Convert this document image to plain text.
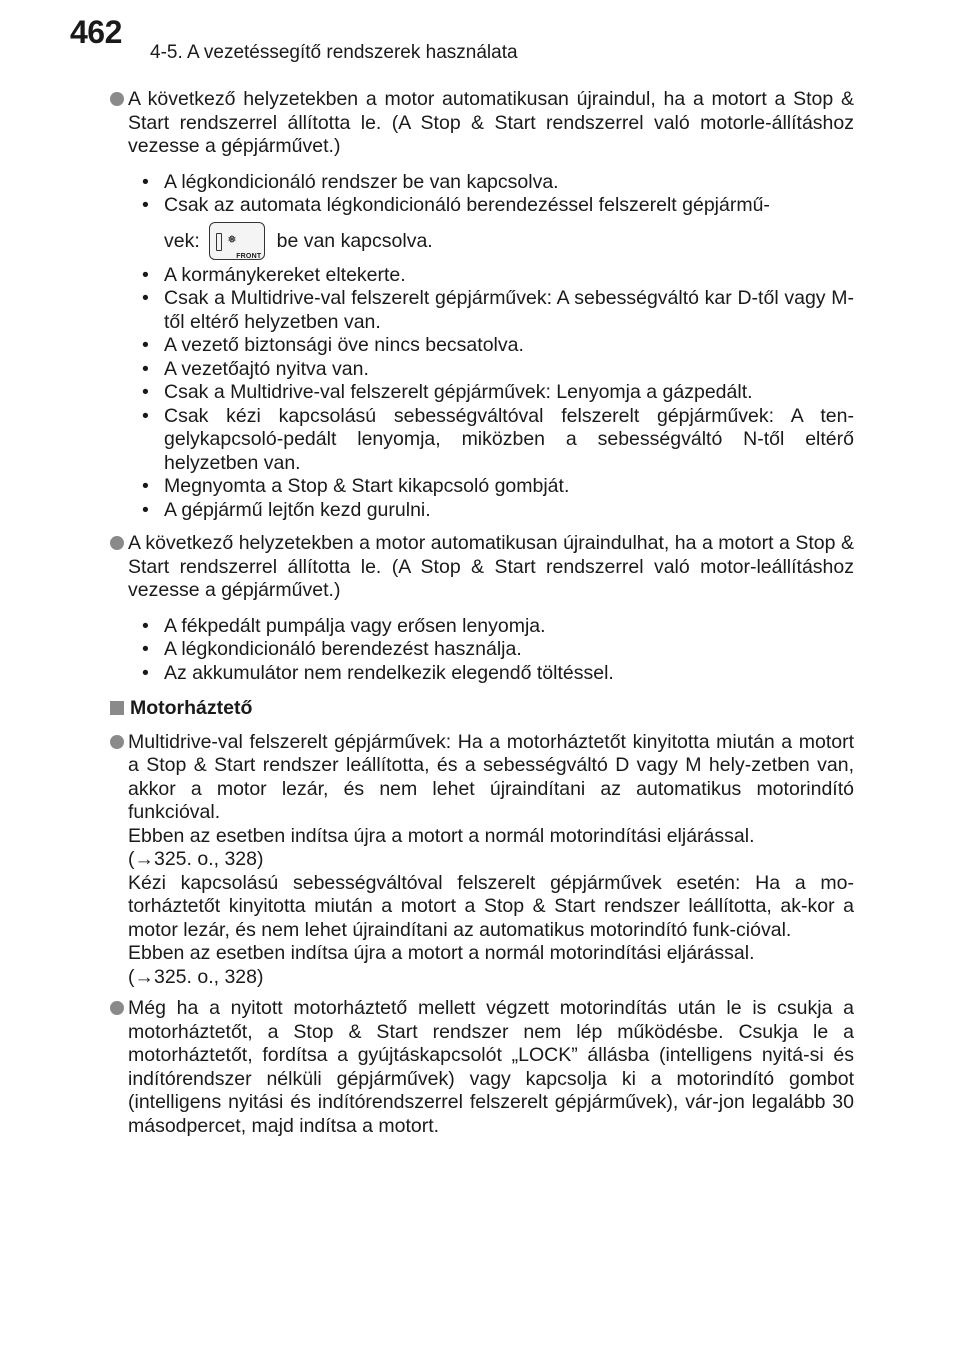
462
4-5. A vezetéssegítő rendszerek használata
A következő helyzetekben a motor automatikusan újraindul, ha a motort a Stop & Start rendszerrel állította le. (A Stop & Start rendszerrel való motorle-állításhoz vezesse a gépjárművet.)
• A légkondicionáló rendszer be van kapcsolva.
• Csak az automata légkondicionáló berendezéssel felszerelt gépjármű-
vek: ❅
FRONT
be van kapcsolva.
• A kormánykereket eltekerte.
• Csak a Multidrive-val felszerelt gépjárművek: A sebességváltó kar D-től vagy M-től eltérő helyzetben van.
• A vezető biztonsági öve nincs becsatolva.
• A vezetőajtó nyitva van.
• Csak a Multidrive-val felszerelt gépjárművek: Lenyomja a gázpedált.
• Csak kézi kapcsolású sebességváltóval felszerelt gépjárművek: A ten-gelykapcsoló-pedált lenyomja, miközben a sebességváltó N-től eltérő helyzetben van.
• Megnyomta a Stop & Start kikapcsoló gombját.
• A gépjármű lejtőn kezd gurulni.
A következő helyzetekben a motor automatikusan újraindulhat, ha a motort a Stop & Start rendszerrel állította le. (A Stop & Start rendszerrel való motor-leállításhoz vezesse a gépjárművet.)
• A fékpedált pumpálja vagy erősen lenyomja.
• A légkondicionáló berendezést használja.
• Az akkumulátor nem rendelkezik elegendő töltéssel.
Motorháztető
Multidrive-val felszerelt gépjárművek: Ha a motorháztetőt kinyitotta miután a motort a Stop & Start rendszer leállította, és a sebességváltó D vagy M hely-zetben van, akkor a motor lezár, és nem lehet újraindítani az automatikus motorindító funkcióval.
Ebben az esetben indítsa újra a motort a normál motorindítási eljárással.
(→325. o., 328)
Kézi kapcsolású sebességváltóval felszerelt gépjárművek esetén: Ha a mo-torháztetőt kinyitotta miután a motort a Stop & Start rendszer leállította, ak-kor a motor lezár, és nem lehet újraindítani az automatikus motorindító funk-cióval.
Ebben az esetben indítsa újra a motort a normál motorindítási eljárással.
(→325. o., 328)
Még ha a nyitott motorháztető mellett végzett motorindítás után le is csukja a motorháztetőt, a Stop & Start rendszer nem lép működésbe. Csukja le a motorháztetőt, fordítsa a gyújtáskapcsolót „LOCK” állásba (intelligens nyitá-si és indítórendszer nélküli gépjárművek) vagy kapcsolja ki a motorindító gombot (intelligens nyitási és indítórendszerrel felszerelt gépjárművek), vár-jon legalább 30 másodpercet, majd indítsa a motort.
